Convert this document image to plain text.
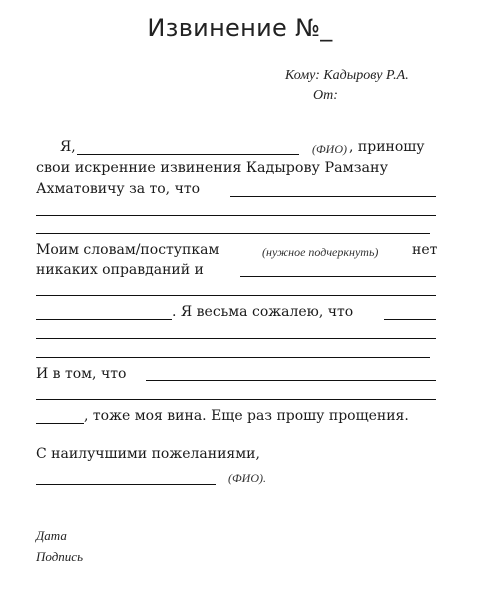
Извинение №_
Кому: Кадырову Р.А.
От:
Я,	(ФИО) , приношу
свои искренние извинения Кадырову Рамзану
Ахматовичу за то, что
Моим словам/поступкам	(нужное подчеркнуть) нет
никаких оправданий и
. Я весьма сожалею, что
И в том, что
, тоже моя вина. Еще раз прошу прощения.
С наилучшими пожеланиями,
(ФИО).
Дата
Подпись
